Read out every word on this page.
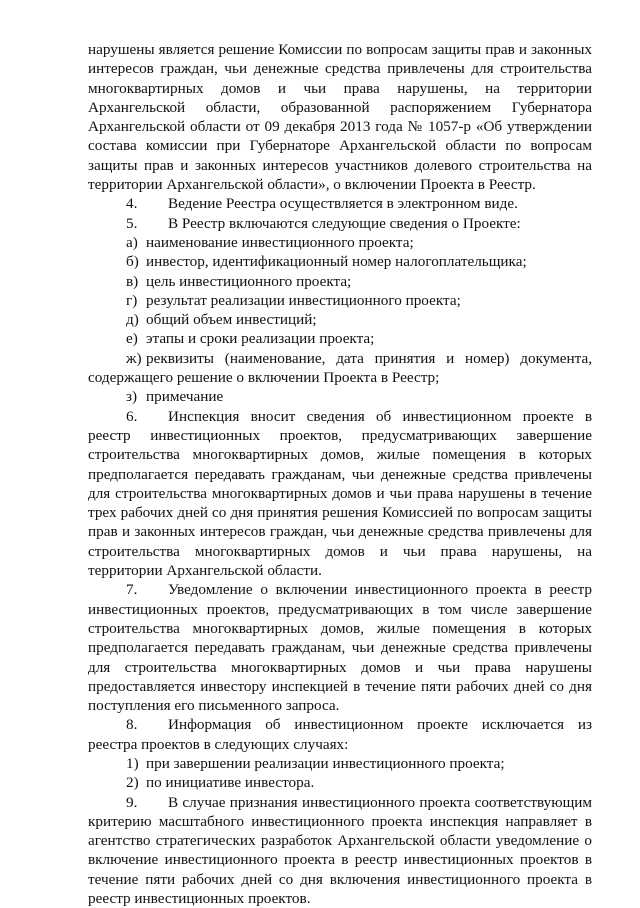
нарушены является решение Комиссии по вопросам защиты прав и законных интересов граждан, чьи денежные средства привлечены для строительства многоквартирных домов и чьи права нарушены, на территории Архангельской области, образованной распоряжением Губернатора Архангельской области от 09 декабря 2013 года № 1057-р «Об утверждении состава комиссии при Губернаторе Архангельской области по вопросам защиты прав и законных интересов участников долевого строительства на территории Архангельской области», о включении Проекта в Реестр.

4. Ведение Реестра осуществляется в электронном виде.

5. В Реестр включаются следующие сведения о Проекте:

а) наименование инвестиционного проекта;

б) инвестор, идентификационный номер налогоплательщика;

в) цель инвестиционного проекта;

г) результат реализации инвестиционного проекта;

д) общий объем инвестиций;

е) этапы и сроки реализации проекта;

ж) реквизиты (наименование, дата принятия и номер) документа, содержащего решение о включении Проекта в Реестр;

з) примечание

6. Инспекция вносит сведения об инвестиционном проекте в реестр инвестиционных проектов, предусматривающих завершение строительства многоквартирных домов, жилые помещения в которых предполагается передавать гражданам, чьи денежные средства привлечены для строительства многоквартирных домов и чьи права нарушены в течение трех рабочих дней со дня принятия решения Комиссией по вопросам защиты прав и законных интересов граждан, чьи денежные средства привлечены для строительства многоквартирных домов и чьи права нарушены, на территории Архангельской области.

7. Уведомление о включении инвестиционного проекта в реестр инвестиционных проектов, предусматривающих в том числе завершение строительства многоквартирных домов, жилые помещения в которых предполагается передавать гражданам, чьи денежные средства привлечены для строительства многоквартирных домов и чьи права нарушены предоставляется инвестору инспекцией в течение пяти рабочих дней со дня поступления его письменного запроса.

8. Информация об инвестиционном проекте исключается из реестра проектов в следующих случаях:

1) при завершении реализации инвестиционного проекта;

2) по инициативе инвестора.

9. В случае признания инвестиционного проекта соответствующим критерию масштабного инвестиционного проекта инспекция направляет в агентство стратегических разработок Архангельской области уведомление о включение инвестиционного проекта в реестр инвестиционных проектов в течение пяти рабочих дней со дня включения инвестиционного проекта в реестр инвестиционных проектов.
